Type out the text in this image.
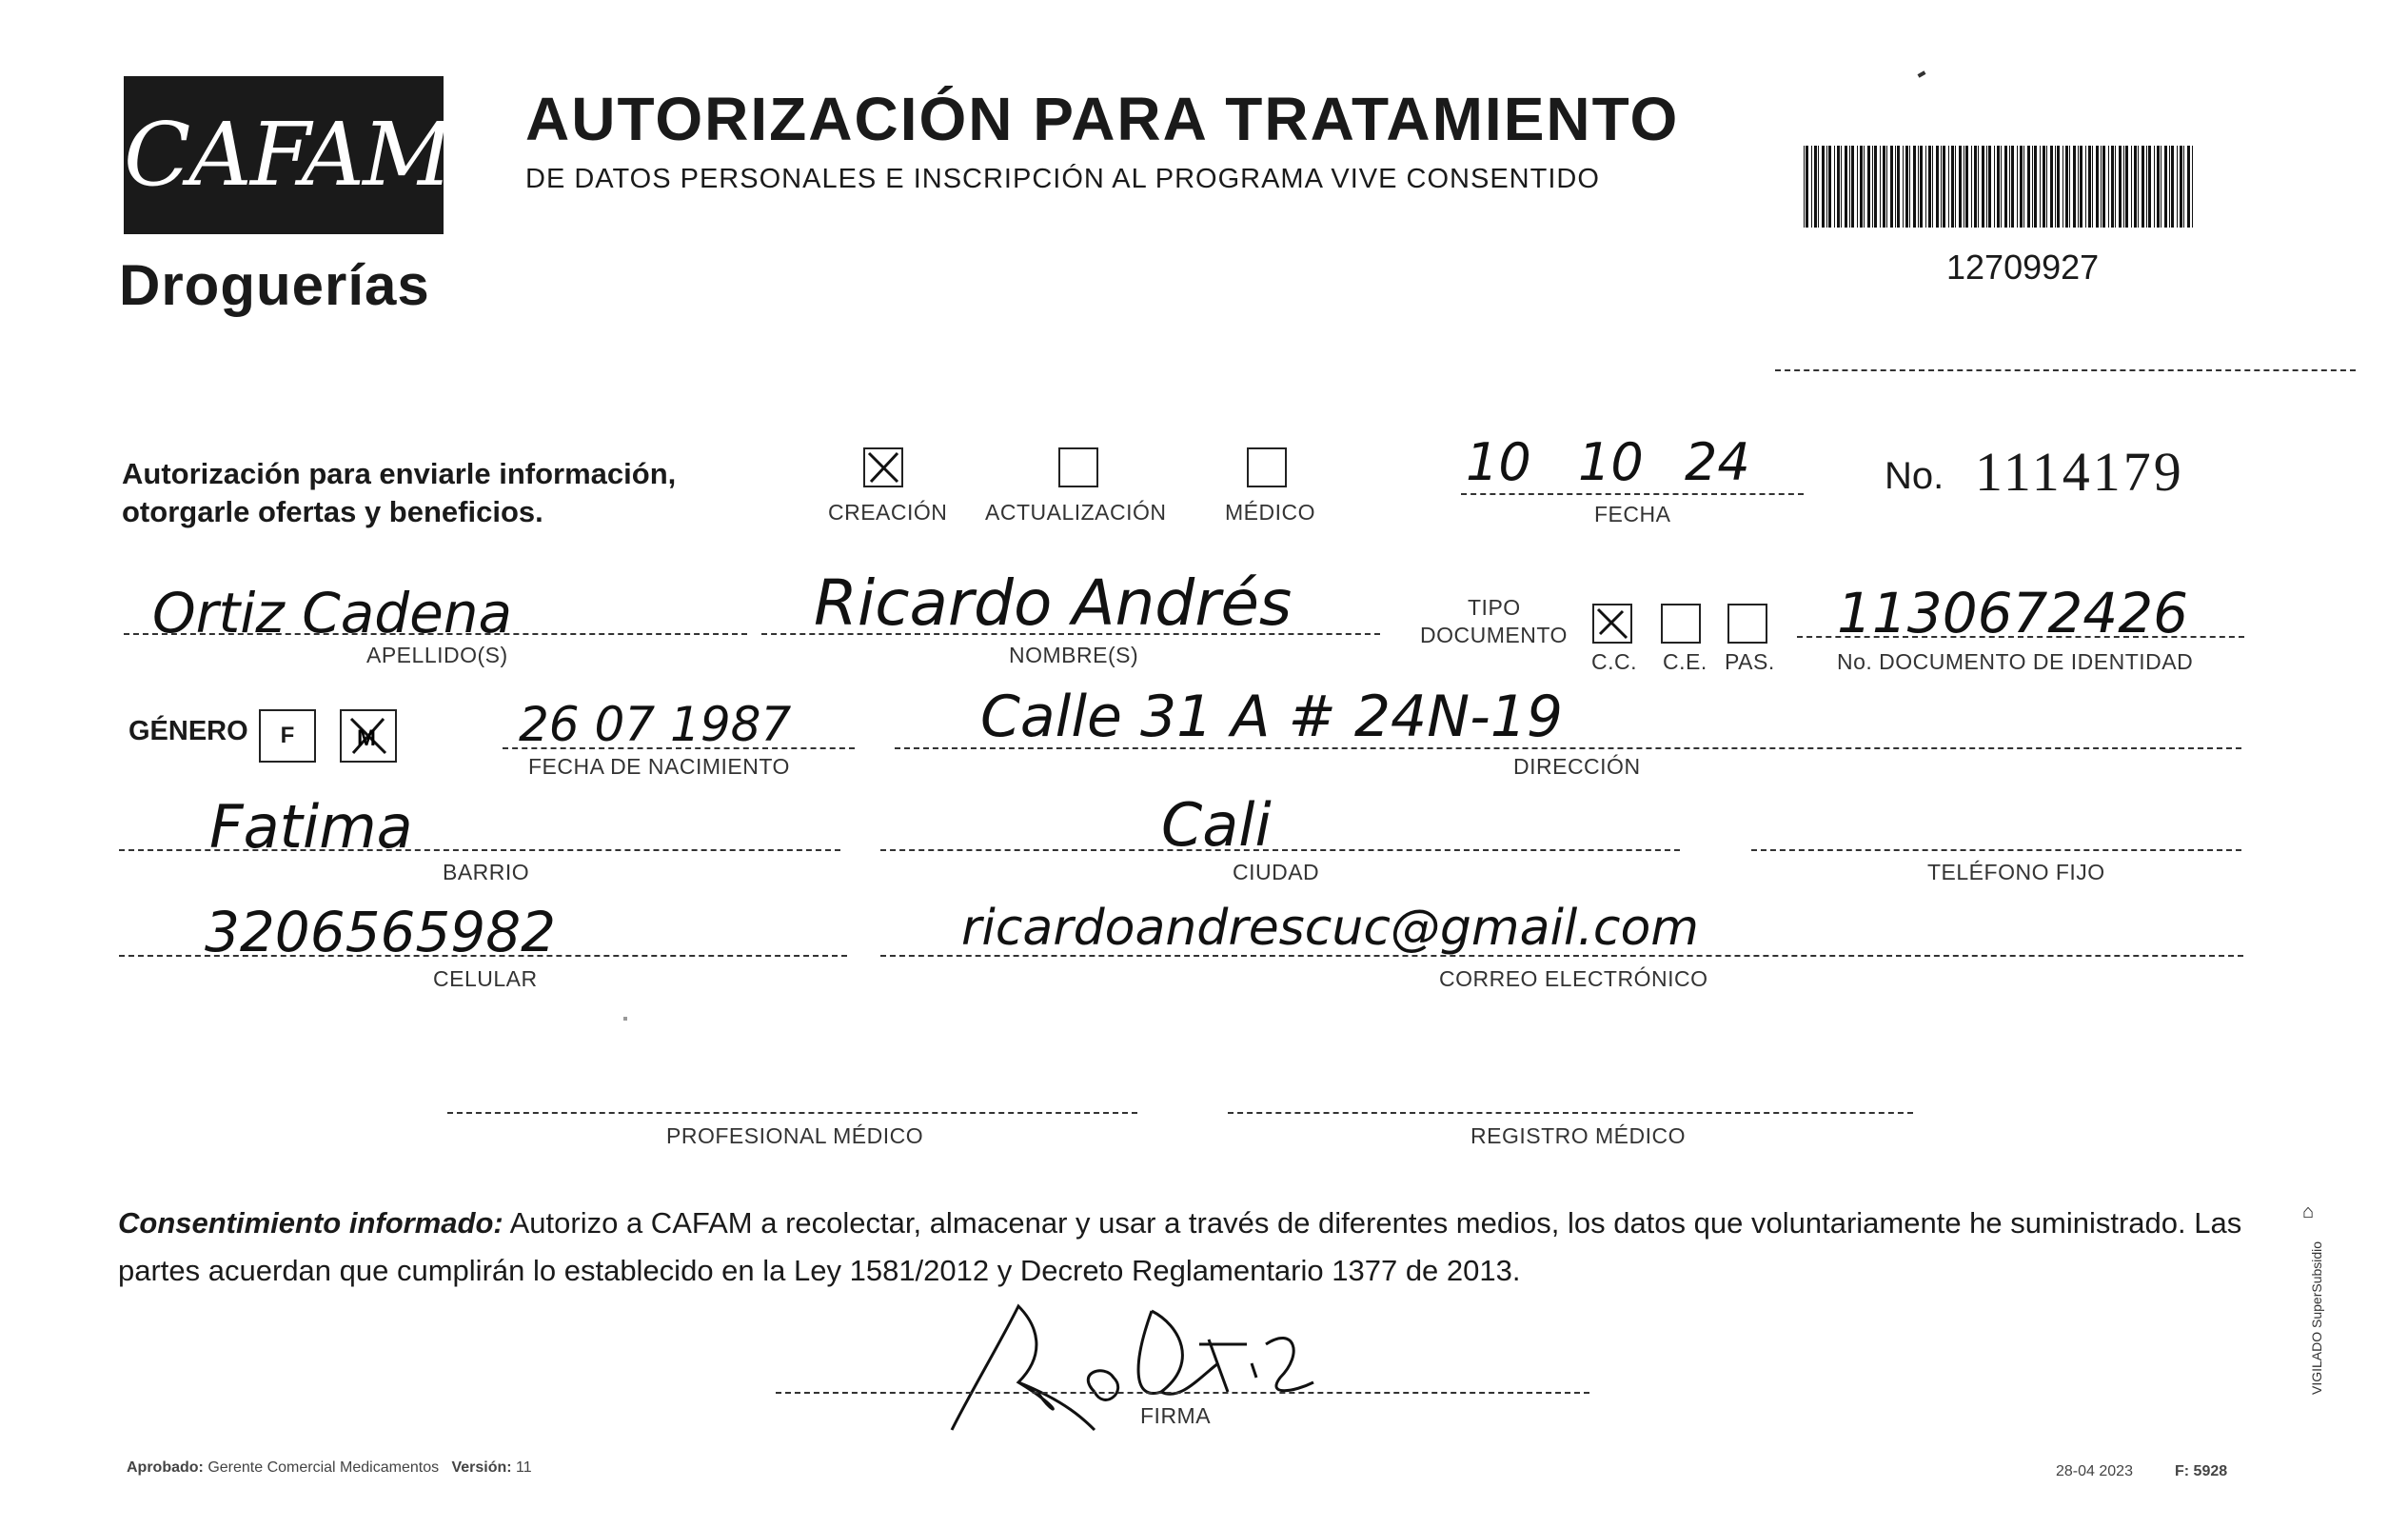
CAFAM
Droguerías
AUTORIZACIÓN PARA TRATAMIENTO
DE DATOS PERSONALES E INSCRIPCIÓN AL PROGRAMA VIVE CONSENTIDO
12709927
Autorización para enviarle información,
otorgarle ofertas y beneficios.	CREACIÓN ACTUALIZACIÓN	MÉDICO
10 10 24
FECHA
No. 1114179
Ortiz Cadena
APELLIDO(S)
Ricardo Andrés
NOMBRE(S)
TIPO
DOCUMENTO
C.C. C.E. PAS.
1130672426
No. DOCUMENTO DE IDENTIDAD
GÉNERO	F	M	26 07 1987
FECHA DE NACIMIENTO
Calle 31 A # 24N-19
DIRECCIÓN
Fatima
BARRIO
Cali
CIUDAD	TELÉFONO FIJO
3206565982
CELULAR
ricardoandrescuc@gmail.com
CORREO ELECTRÓNICO
PROFESIONAL MÉDICO	REGISTRO MÉDICO
Consentimiento informado: Autorizo a CAFAM a recolectar, almacenar y usar a través de diferentes medios, los datos que voluntariamente he suministrado. Las partes acuerdan que cumplirán lo establecido en la Ley 1581/2012 y Decreto Reglamentario 1377 de 2013.
FIRMA
Aprobado: Gerente Comercial Medicamentos Versión: 11	28-04 2023	F: 5928
VIGILADO SuperSubsidio
⌂
